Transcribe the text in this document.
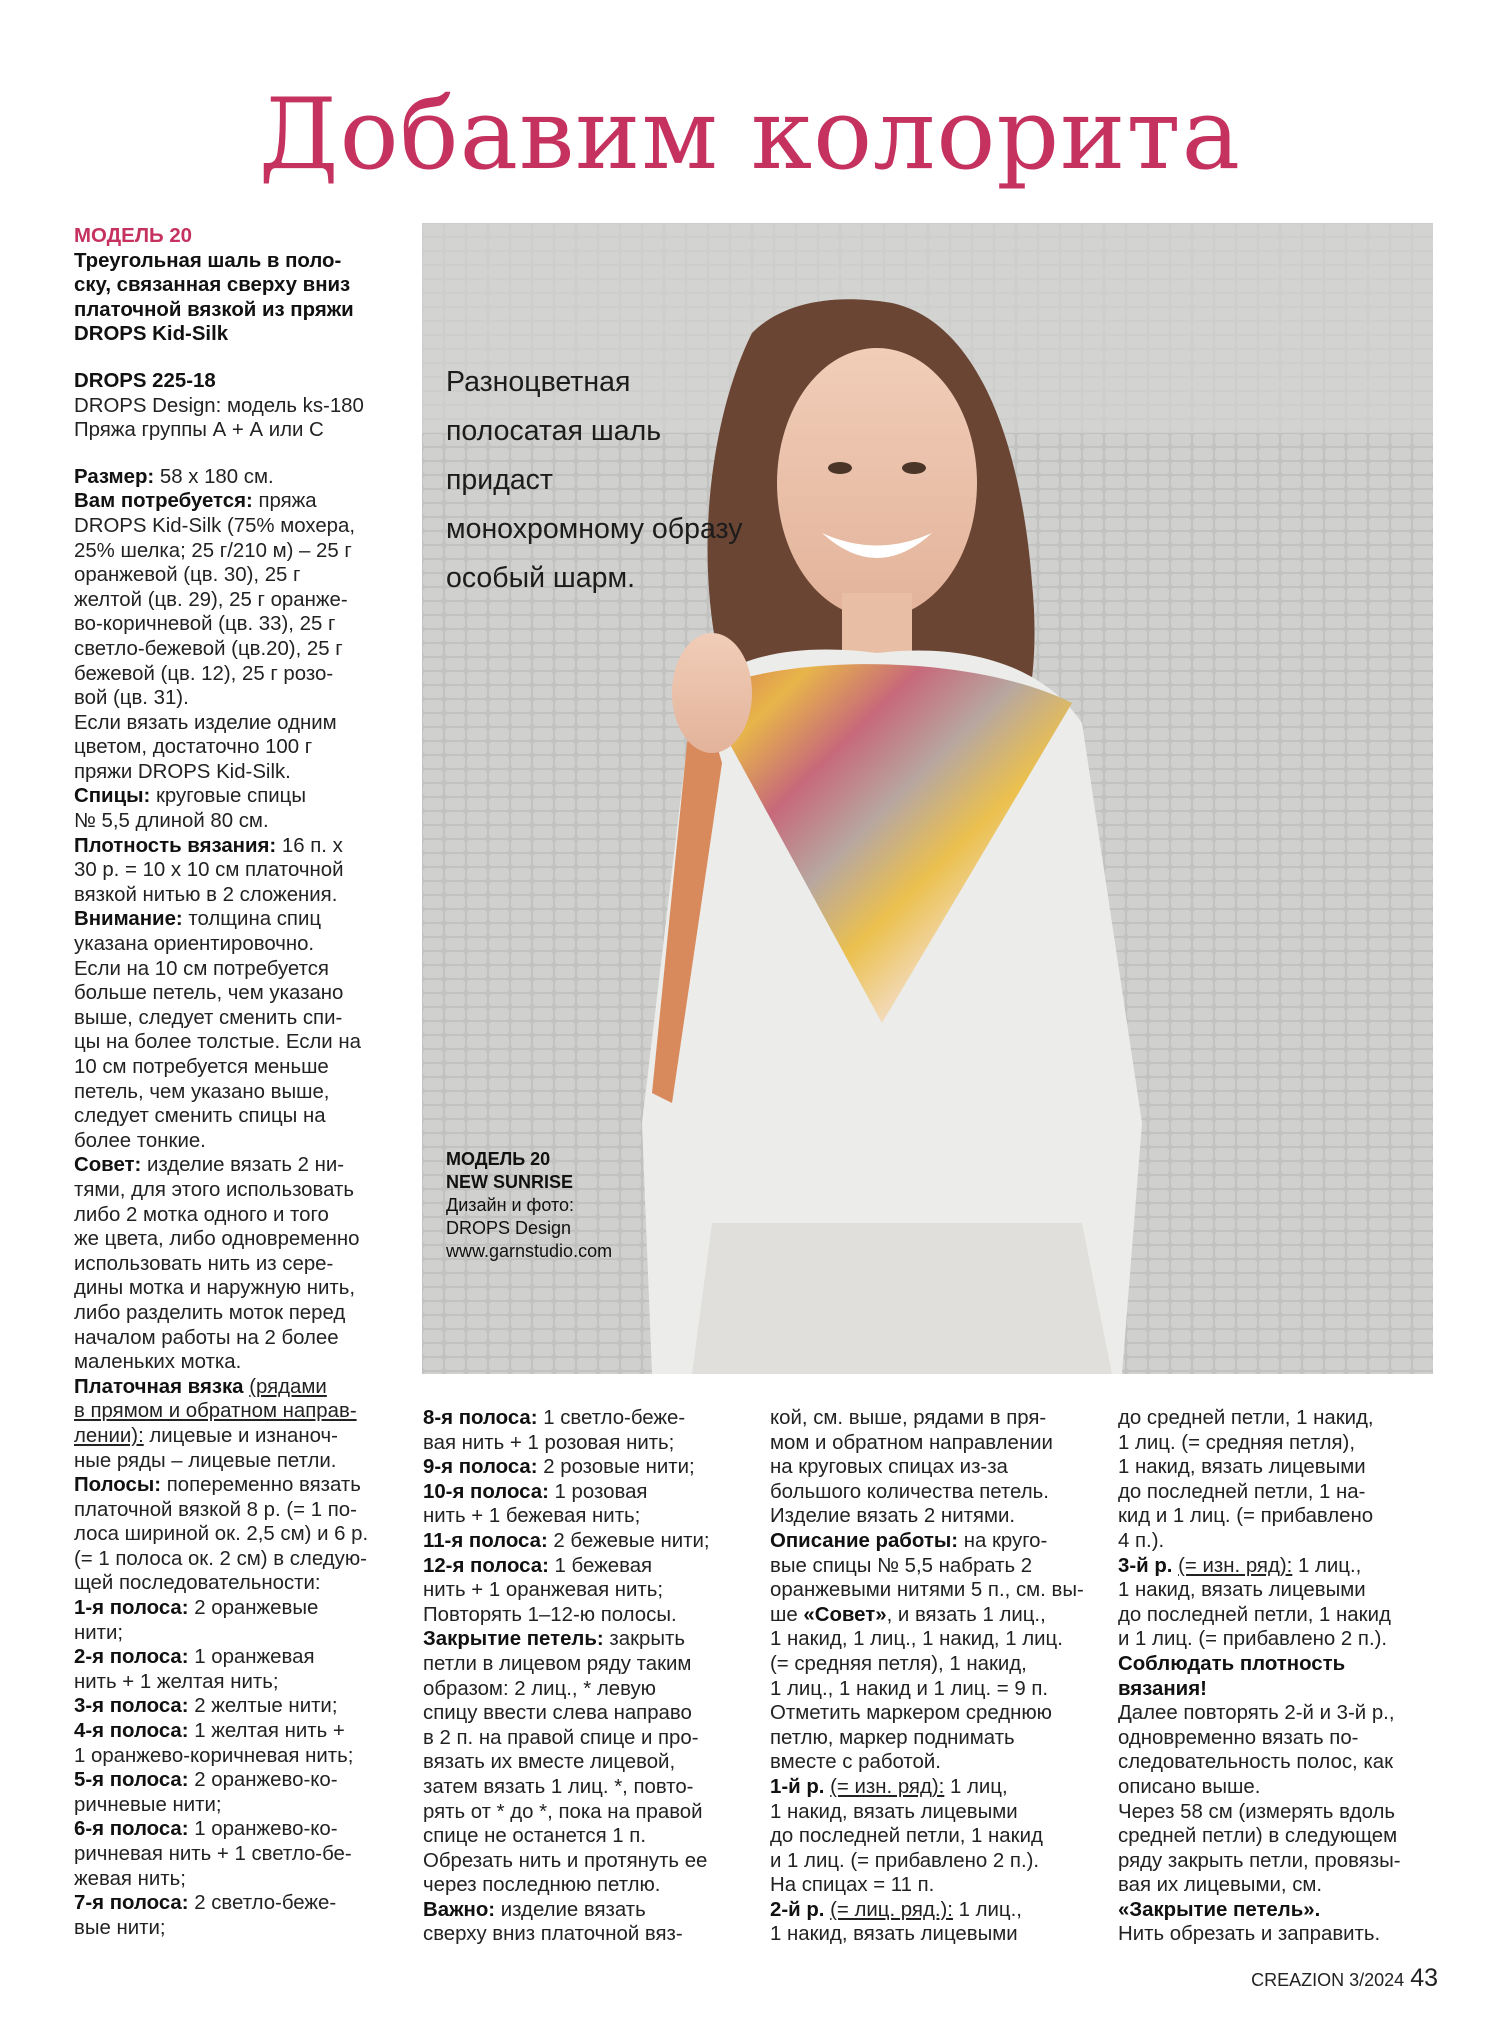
Добавим колорита
МОДЕЛЬ 20
Треугольная шаль в поло-
ску, связанная сверху вниз
платочной вязкой из пряжи
DROPS Kid-Silk
DROPS 225-18
DROPS Design: модель ks-180
Пряжа группы А + А или С
Размер: 58 х 180 см.
Вам потребуется: пряжа
DROPS Kid-Silk (75% мохера,
25% шелка; 25 г/210 м) – 25 г
оранжевой (цв. 30), 25 г
желтой (цв. 29), 25 г оранже-
во-коричневой (цв. 33), 25 г
светло-бежевой (цв.20), 25 г
бежевой (цв. 12), 25 г розо-
вой (цв. 31).
Если вязать изделие одним
цветом, достаточно 100 г
пряжи DROPS Kid-Silk.
Спицы: круговые спицы
№ 5,5 длиной 80 см.
Плотность вязания: 16 п. х
30 р. = 10 х 10 см платочной
вязкой нитью в 2 сложения.
Внимание: толщина спиц
указана ориентировочно.
Если на 10 см потребуется
больше петель, чем указано
выше, следует сменить спи-
цы на более толстые. Если на
10 см потребуется меньше
петель, чем указано выше,
следует сменить спицы на
более тонкие.
Совет: изделие вязать 2 ни-
тями, для этого использовать
либо 2 мотка одного и того
же цвета, либо одновременно
использовать нить из сере-
дины мотка и наружную нить,
либо разделить моток перед
началом работы на 2 более
маленьких мотка.
Платочная вязка (рядами
в прямом и обратном направ-
лении): лицевые и изнаноч-
ные ряды – лицевые петли.
Полосы: попеременно вязать
платочной вязкой 8 р. (= 1 по-
лоса шириной ок. 2,5 см) и 6 р.
(= 1 полоса ок. 2 см) в следую-
щей последовательности:
1-я полоса: 2 оранжевые
нити;
2-я полоса: 1 оранжевая
нить + 1 желтая нить;
3-я полоса: 2 желтые нити;
4-я полоса: 1 желтая нить +
1 оранжево-коричневая нить;
5-я полоса: 2 оранжево-ко-
ричневые нити;
6-я полоса: 1 оранжево-ко-
ричневая нить + 1 светло-бе-
жевая нить;
7-я полоса: 2 светло-беже-
вые нити;
Разноцветная полосатая шаль придаст монохромному образу особый шарм.
МОДЕЛЬ 20
NEW SUNRISE
Дизайн и фото:
DROPS Design
www.garnstudio.com
8-я полоса: 1 светло-беже-
вая нить + 1 розовая нить;
9-я полоса: 2 розовые нити;
10-я полоса: 1 розовая
нить + 1 бежевая нить;
11-я полоса: 2 бежевые нити;
12-я полоса: 1 бежевая
нить + 1 оранжевая нить;
Повторять 1–12-ю полосы.
Закрытие петель: закрыть
петли в лицевом ряду таким
образом: 2 лиц., * левую
спицу ввести слева направо
в 2 п. на правой спице и про-
вязать их вместе лицевой,
затем вязать 1 лиц. *, повто-
рять от * до *, пока на правой
спице не останется 1 п.
Обрезать нить и протянуть ее
через последнюю петлю.
Важно: изделие вязать
сверху вниз платочной вяз-
кой, см. выше, рядами в пря-
мом и обратном направлении
на круговых спицах из-за
большого количества петель.
Изделие вязать 2 нитями.
Описание работы: на круго-
вые спицы № 5,5 набрать 2
оранжевыми нитями 5 п., см. вы-
ше «Совет», и вязать 1 лиц.,
1 накид, 1 лиц., 1 накид, 1 лиц.
(= средняя петля), 1 накид,
1 лиц., 1 накид и 1 лиц. = 9 п.
Отметить маркером среднюю
петлю, маркер поднимать
вместе с работой.
1-й р. (= изн. ряд): 1 лиц,
1 накид, вязать лицевыми
до последней петли, 1 накид
и 1 лиц. (= прибавлено 2 п.).
На спицах = 11 п.
2-й р. (= лиц. ряд.): 1 лиц.,
1 накид, вязать лицевыми
до средней петли, 1 накид,
1 лиц. (= средняя петля),
1 накид, вязать лицевыми
до последней петли, 1 на-
кид и 1 лиц. (= прибавлено
4 п.).
3-й р. (= изн. ряд): 1 лиц.,
1 накид, вязать лицевыми
до последней петли, 1 накид
и 1 лиц. (= прибавлено 2 п.).
Соблюдать плотность
вязания!
Далее повторять 2-й и 3-й р.,
одновременно вязать по-
следовательность полос, как
описано выше.
Через 58 см (измерять вдоль
средней петли) в следующем
ряду закрыть петли, провязы-
вая их лицевыми, см.
«Закрытие петель».
Нить обрезать и заправить.
CREAZION 3/2024 43
